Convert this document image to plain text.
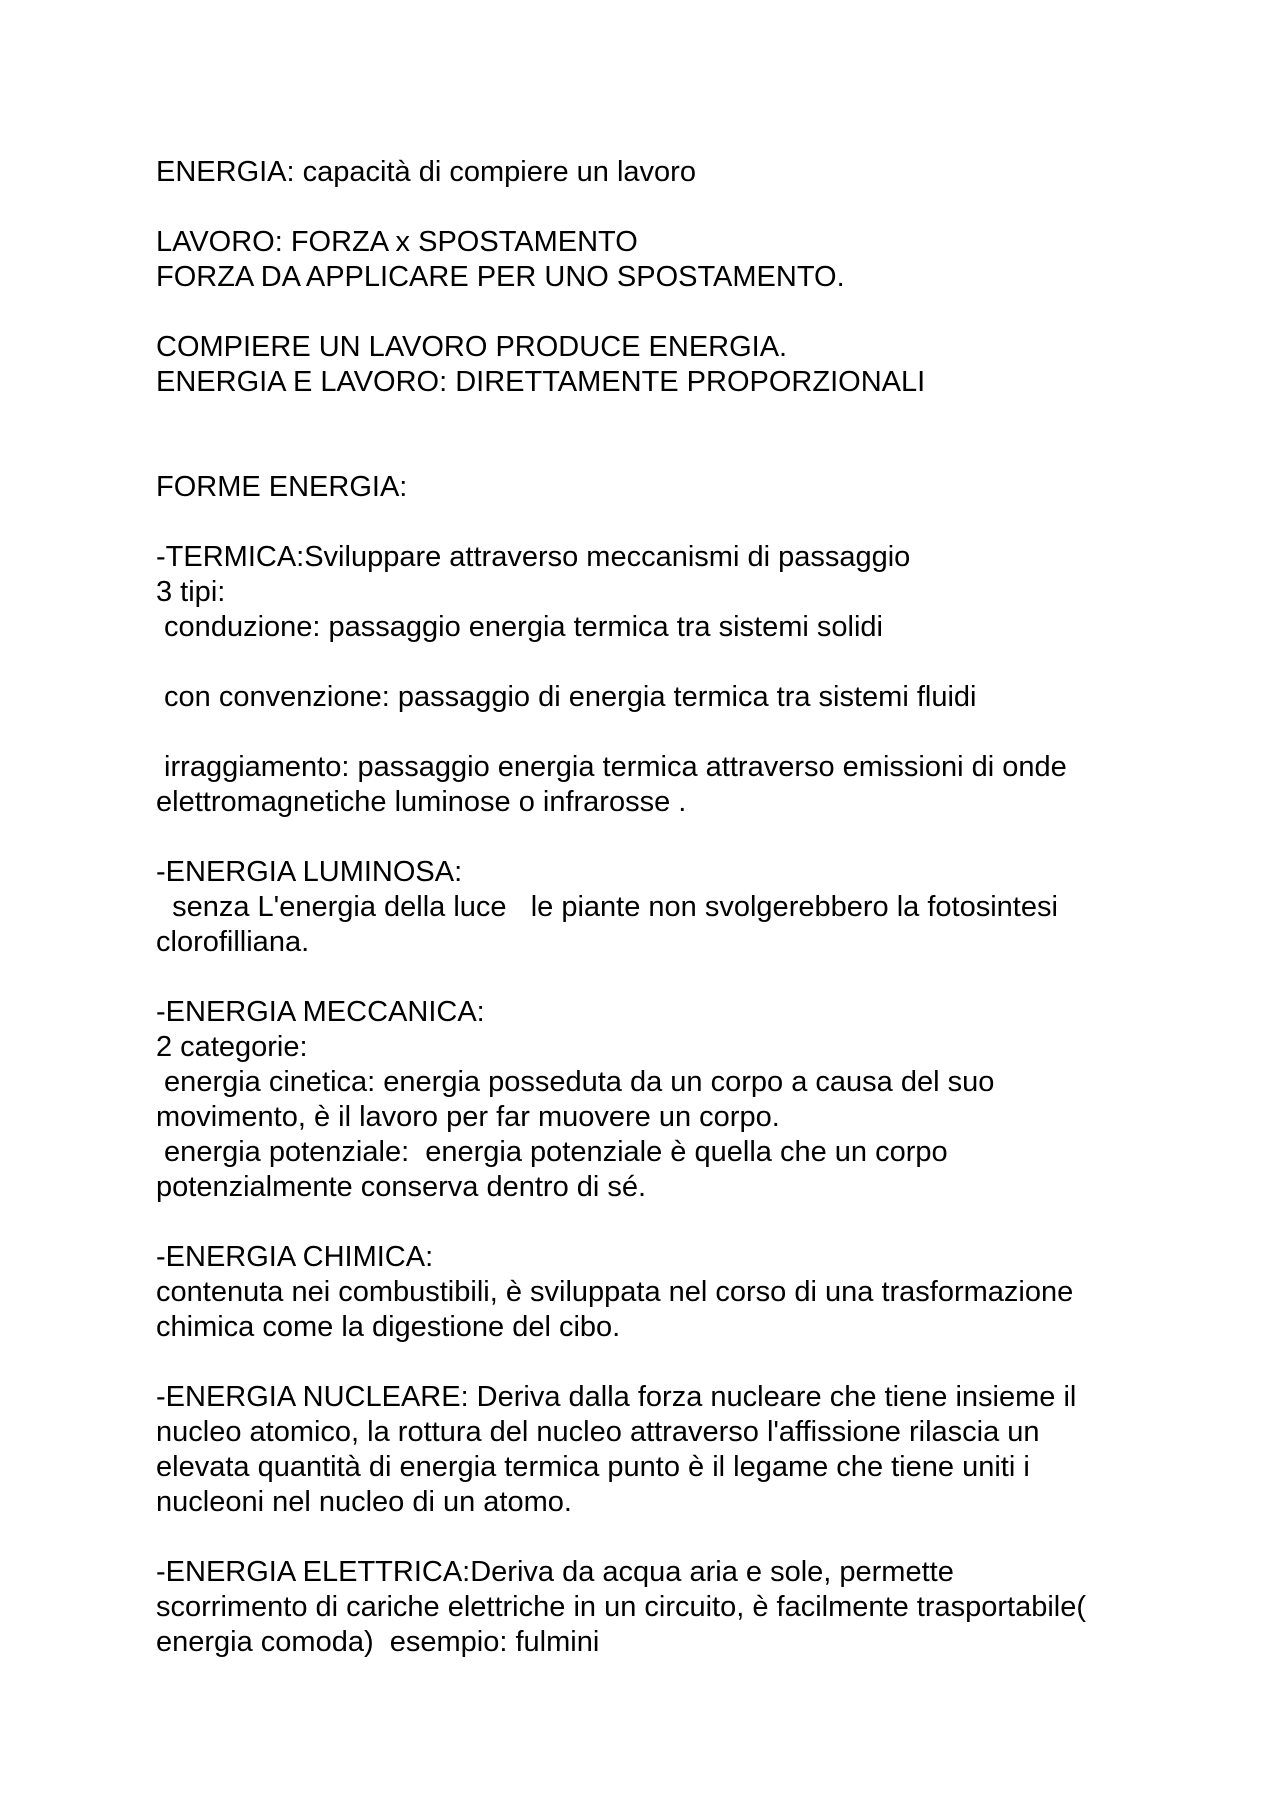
ENERGIA: capacità di compiere un lavoro
LAVORO: FORZA x SPOSTAMENTO
FORZA DA APPLICARE PER UNO SPOSTAMENTO.
COMPIERE UN LAVORO PRODUCE ENERGIA.
ENERGIA E LAVORO: DIRETTAMENTE PROPORZIONALI
FORME ENERGIA:
-TERMICA:Sviluppare attraverso meccanismi di passaggio
3 tipi:
conduzione: passaggio energia termica tra sistemi solidi
con convenzione: passaggio di energia termica tra sistemi fluidi
irraggiamento: passaggio energia termica attraverso emissioni di onde
elettromagnetiche luminose o infrarosse .
-ENERGIA LUMINOSA:
senza L'energia della luce   le piante non svolgerebbero la fotosintesi
clorofilliana.
-ENERGIA MECCANICA:
2 categorie:
energia cinetica: energia posseduta da un corpo a causa del suo
movimento, è il lavoro per far muovere un corpo.
energia potenziale:  energia potenziale è quella che un corpo
potenzialmente conserva dentro di sé.
-ENERGIA CHIMICA:
contenuta nei combustibili, è sviluppata nel corso di una trasformazione
chimica come la digestione del cibo.
-ENERGIA NUCLEARE: Deriva dalla forza nucleare che tiene insieme il
nucleo atomico, la rottura del nucleo attraverso l'affissione rilascia un
elevata quantità di energia termica punto è il legame che tiene uniti i
nucleoni nel nucleo di un atomo.
-ENERGIA ELETTRICA:Deriva da acqua aria e sole, permette
scorrimento di cariche elettriche in un circuito, è facilmente trasportabile(
energia comoda)  esempio: fulmini
